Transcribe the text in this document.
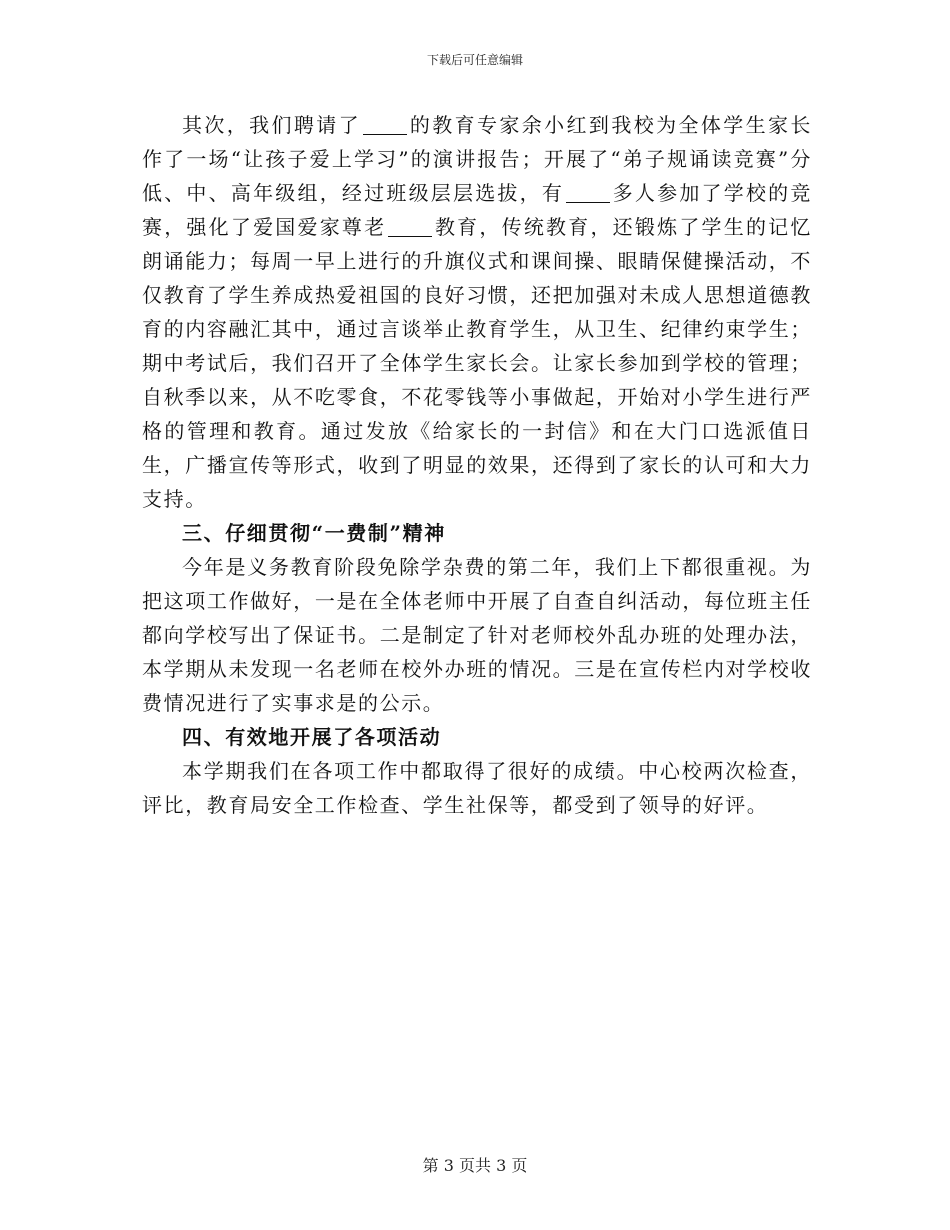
下载后可任意编辑

其次，我们聘请了 的教育专家余小红到我校为全体学生家长作了一场“让孩子爱上学习”的演讲报告；开展了“弟子规诵读竞赛”分低、中、高年级组，经过班级层层选拔，有 多人参加了学校的竞赛，强化了爱国爱家尊老 教育，传统教育，还锻炼了学生的记忆朗诵能力；每周一早上进行的升旗仪式和课间操、眼睛保健操活动，不仅教育了学生养成热爱祖国的良好习惯，还把加强对未成人思想道德教育的内容融汇其中，通过言谈举止教育学生，从卫生、纪律约束学生；期中考试后，我们召开了全体学生家长会。让家长参加到学校的管理；自秋季以来，从不吃零食，不花零钱等小事做起，开始对小学生进行严格的管理和教育。通过发放《给家长的一封信》和在大门口选派值日生，广播宣传等形式，收到了明显的效果，还得到了家长的认可和大力支持。

三、仔细贯彻“一费制”精神

今年是义务教育阶段免除学杂费的第二年，我们上下都很重视。为把这项工作做好，一是在全体老师中开展了自查自纠活动，每位班主任都向学校写出了保证书。二是制定了针对老师校外乱办班的处理办法，本学期从未发现一名老师在校外办班的情况。三是在宣传栏内对学校收费情况进行了实事求是的公示。

四、有效地开展了各项活动

本学期我们在各项工作中都取得了很好的成绩。中心校两次检查，评比，教育局安全工作检查、学生社保等，都受到了领导的好评。

第 3 页共 3 页
